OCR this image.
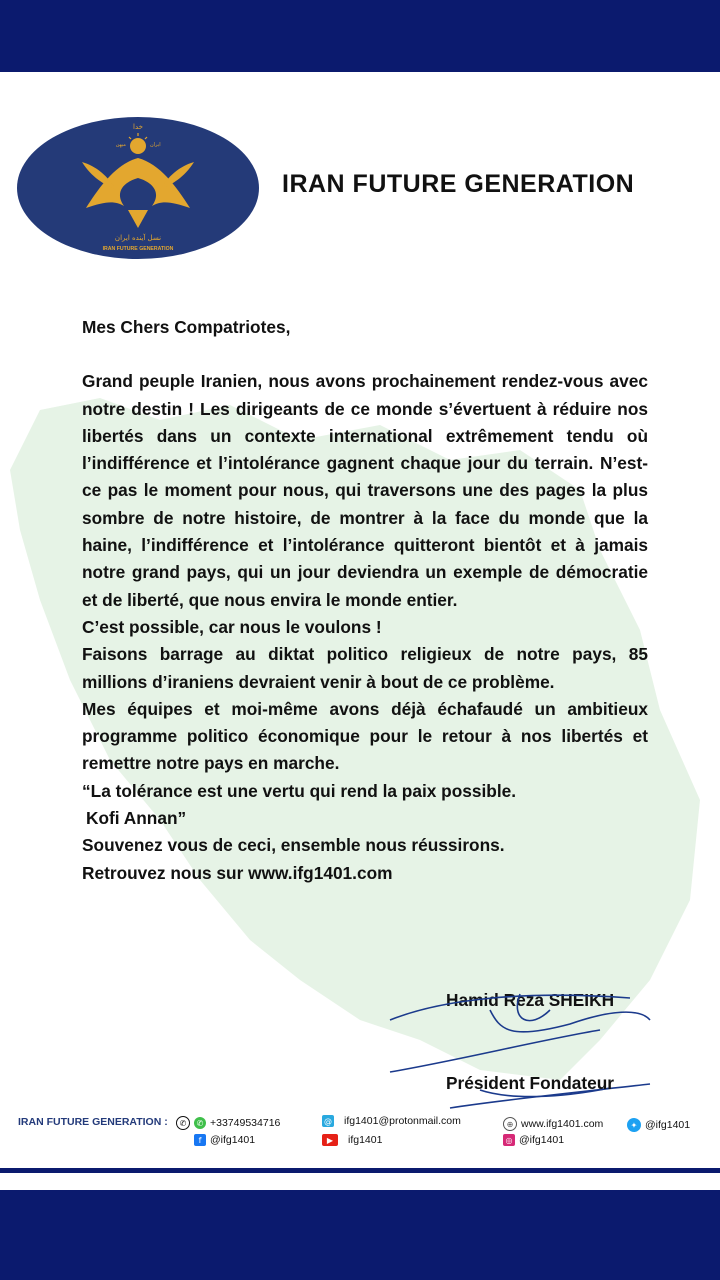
خدا
میهن	ایران
نسل آینده ایران
IRAN FUTURE GENERATION
IRAN FUTURE GENERATION

Mes Chers Compatriotes,

Grand peuple Iranien, nous avons prochainement rendez-vous avec notre destin ! Les dirigeants de ce monde s’évertuent à réduire nos libertés dans un contexte international extrêmement tendu où l’indifférence et l’intolérance gagnent chaque jour du terrain. N’est-ce pas le moment pour nous, qui traversons une des pages la plus sombre de notre histoire, de montrer à la face du monde que la haine, l’indifférence et l’intolérance quitteront bientôt et à jamais notre grand pays, qui un jour deviendra un exemple de démocratie et de liberté, que nous envira le monde entier.

C’est possible, car nous le voulons !

Faisons barrage au diktat politico religieux de notre pays, 85 millions d’iraniens devraient venir à bout de ce problème.

Mes équipes et moi-même avons déjà échafaudé un ambitieux programme politico économique pour le retour à nos libertés et remettre notre pays en marche.

“La tolérance est une vertu qui rend la paix possible.

Kofi Annan”

Souvenez vous de ceci, ensemble nous réussirons.

Retrouvez nous sur www.ifg1401.com

Hamid Reza SHEIKH
Président Fondateur
IRAN FUTURE GENERATION :	✆	✆ +33749534716
f @ifg1401
@ ifg1401@protonmail.com
▶	ifg1401
⊕ www.ifg1401.com
◎ @ifg1401
✦ @ifg1401
